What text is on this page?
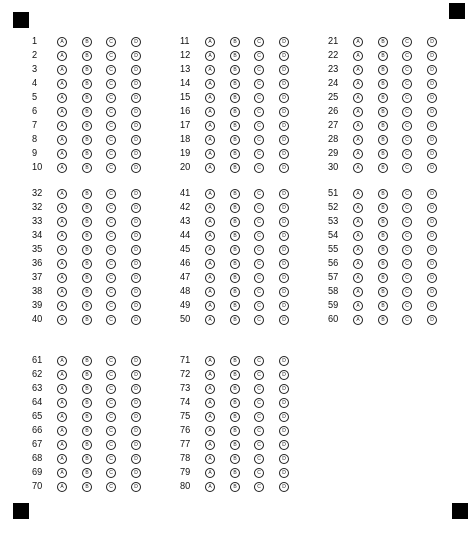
1	A	B	C	D
2	A	B	C	D
3	A	B	C	D
4	A	B	C	D
5	A	B	C	D
6	A	B	C	D
7	A	B	C	D
8	A	B	C	D
9	A	B	C	D
10	A	B	C	D
11	A	B	C	D
12	A	B	C	D
13	A	B	C	D
14	A	B	C	D
15	A	B	C	D
16	A	B	C	D
17	A	B	C	D
18	A	B	C	D
19	A	B	C	D
20	A	B	C	D
21	A	B	C	D
22	A	B	C	D
23	A	B	C	D
24	A	B	C	D
25	A	B	C	D
26	A	B	C	D
27	A	B	C	D
28	A	B	C	D
29	A	B	C	D
30	A	B	C	D
32	A	B	C	D
32	A	B	C	D
33	A	B	C	D
34	A	B	C	D
35	A	B	C	D
36	A	B	C	D
37	A	B	C	D
38	A	B	C	D
39	A	B	C	D
40	A	B	C	D
41	A	B	C	D
42	A	B	C	D
43	A	B	C	D
44	A	B	C	D
45	A	B	C	D
46	A	B	C	D
47	A	B	C	D
48	A	B	C	D
49	A	B	C	D
50	A	B	C	D
51	A	B	C	D
52	A	B	C	D
53	A	B	C	D
54	A	B	C	D
55	A	B	C	D
56	A	B	C	D
57	A	B	C	D
58	A	B	C	D
59	A	B	C	D
60	A	B	C	D
61	A	B	C	D
62	A	B	C	D
63	A	B	C	D
64	A	B	C	D
65	A	B	C	D
66	A	B	C	D
67	A	B	C	D
68	A	B	C	D
69	A	B	C	D
70	A	B	C	D
71	A	B	C	D
72	A	B	C	D
73	A	B	C	D
74	A	B	C	D
75	A	B	C	D
76	A	B	C	D
77	A	B	C	D
78	A	B	C	D
79	A	B	C	D
80	A	B	C	D
